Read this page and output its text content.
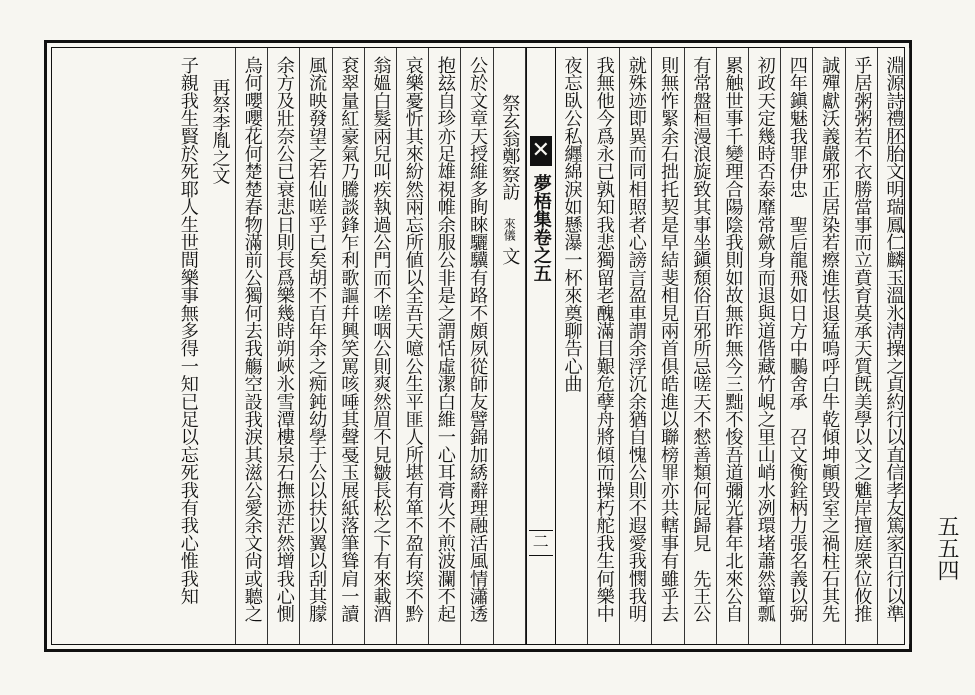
淵源詩禮胚胎文明瑞鳳仁麟玉溫氷淸操之貞約行以直信孝友篤家百行以準
乎居粥粥若不衣勝當事而立賁育莫承天質旣美學以文之魋岸擅庭衆位攸推
誠殫獻沃義嚴邪正居染若瘵進怯退猛嗚呼白牛乾傾坤顚毁室之禍柱石其先
四年鎭魅我罪伊忠　聖后龍飛如日方中鵩舍承　召文衡銓柄力張名義以弼
初政天定幾時否泰靡常歛身而退與道偕藏竹峴之里山峭水冽環堵蕭然簞瓢
累触世事千變理合陽陰我則如故無昨無今三黜不悛吾道彌光暮年北來公自
有常盤桓漫浪旋致其事坐鎭頹俗百邪所忌嗟天不憖善類何屁歸見　先王公
則無怍緊余石拙托契是早結斐相見兩首俱皓進以聯榜罪亦共轄事有雖乎去
就殊迹即異而同相照者心謗言盈車謂余浮沉余猶自愧公則不遐愛我憫我明
我無他今爲永已孰知我悲獨留老醜滿目艱危孽舟將傾而操朽舵我生何樂中
夜忘臥公私纒綿淚如懸瀑一杯來奠聊告心曲
✕
夢梧集卷之五
二
祭玄翁鄭察訪
　來儀
文
公於文章天授維多眴睞驪驥有路不頗夙從師友譬錦加綉辭理融活風情瀟透
抱玆自珍亦足雄視帷余服公非是之謂恬虛潔白維一心耳膏火不煎波瀾不起
哀樂憂忻其來紛然兩忘所値以全吾天噫公生平匪人所堪有箪不盈有堗不黔
翁媼白髮兩兒叫疾執過公門而不嗟咽公則爽然眉不見皺長松之下有來載酒
袞翠量紅豪氣乃騰談鋒乍利歌謳幷興笑罵咳唾其聲戞玉展紙落筆聳肩一讀
風流映發望之若仙嗟乎已矣胡不百年余之痴鈍幼學于公以扶以翼以刮其朦
余方及壯奈公已衰悲日則長爲樂幾時朔峽氷雪潭樓泉石撫迹茫然增我心惻
烏何嚶嚶花何楚楚春物滿前公獨何去我觴空設我淚其滋公愛余文尙或聽之
再祭李胤之文
子親我生賢於死耶人生世間樂事無多得一知已足以忘死我有我心惟我知	五五四
